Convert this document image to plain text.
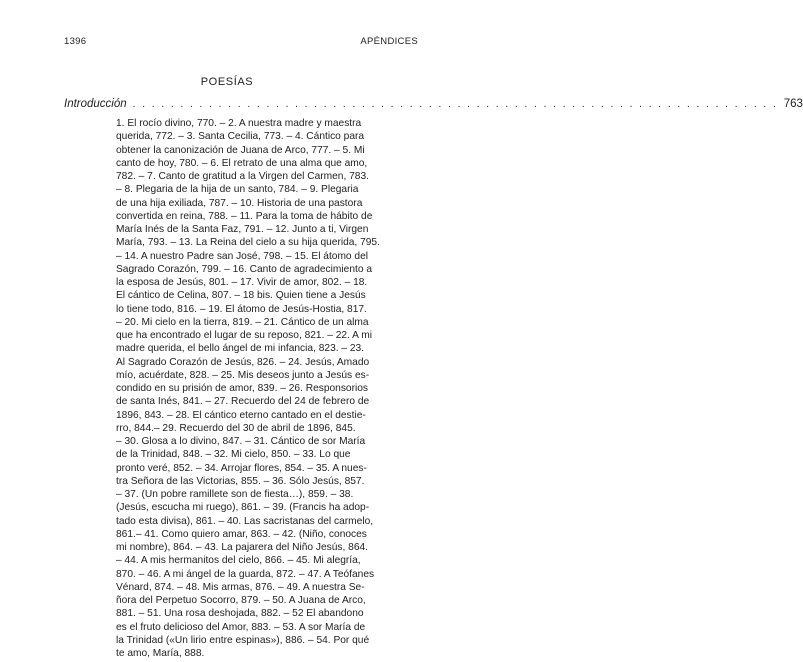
1396	APÉNDICES
POESÍAS
Introducción . . . . . . . . . . . . . . . . . . . . . . . . . . . . . . . . . . . . . . . . . . . . . . . . . . . . . . . . . . . . . . . . . . . . 763
1. El rocío divino, 770. – 2. A nuestra madre y maestra
querida, 772. – 3. Santa Cecilia, 773. – 4. Cántico para
obtener la canonización de Juana de Arco, 777. – 5. Mi
canto de hoy, 780. – 6. El retrato de una alma que amo,
782. – 7. Canto de gratitud a la Virgen del Carmen, 783.
– 8. Plegaria de la hija de un santo, 784. – 9. Plegaria
de una hija exiliada, 787. – 10. Historia de una pastora
convertida en reina, 788. – 11. Para la toma de hábito de
María Inés de la Santa Faz, 791. – 12. Junto a ti, Virgen
María, 793. – 13. La Reina del cielo a su hija querida, 795.
– 14. A nuestro Padre san José, 798. – 15. El átomo del
Sagrado Corazón, 799. – 16. Canto de agradecimiento a
la esposa de Jesús, 801. – 17. Vivir de amor, 802. – 18.
El cántico de Celina, 807. – 18 bis. Quien tiene a Jesús
lo tiene todo, 816. – 19. El átomo de Jesús-Hostia, 817.
– 20. Mi cielo en la tierra, 819. – 21. Cántico de un alma
que ha encontrado el lugar de su reposo, 821. – 22. A mi
madre querida, el bello ángel de mi infancia, 823. – 23.
Al Sagrado Corazón de Jesús, 826. – 24. Jesús, Amado
mío, acuérdate, 828. – 25. Mis deseos junto a Jesús es-
condido en su prisión de amor, 839. – 26. Responsorios
de santa Inés, 841. – 27. Recuerdo del 24 de febrero de
1896, 843. – 28. El cántico eterno cantado en el destie-
rro, 844.– 29. Recuerdo del 30 de abril de 1896, 845.
– 30. Glosa a lo divino, 847. – 31. Cántico de sor María
de la Trinidad, 848. – 32. Mi cielo, 850. – 33. Lo que
pronto veré, 852. – 34. Arrojar flores, 854. – 35. A nues-
tra Señora de las Victorias, 855. – 36. Sólo Jesús, 857.
– 37. (Un pobre ramillete son de fiesta…), 859. – 38.
(Jesús, escucha mi ruego), 861. – 39. (Francis ha adop-
tado esta divisa), 861. – 40. Las sacristanas del carmelo,
861.– 41. Como quiero amar, 863. – 42. (Niño, conoces
mi nombre), 864. – 43. La pajarera del Niño Jesús, 864.
– 44. A mis hermanitos del cielo, 866. – 45. Mi alegría,
870. – 46. A mi ángel de la guarda, 872. – 47. A Teófanes
Vénard, 874. – 48. Mis armas, 876. – 49. A nuestra Se-
ñora del Perpetuo Socorro, 879. – 50. A Juana de Arco,
881. – 51. Una rosa deshojada, 882. – 52 El abandono
es el fruto delicioso del Amor, 883. – 53. A sor María de
la Trinidad («Un lirio entre espinas»), 886. – 54. Por qué
te amo, María, 888.
